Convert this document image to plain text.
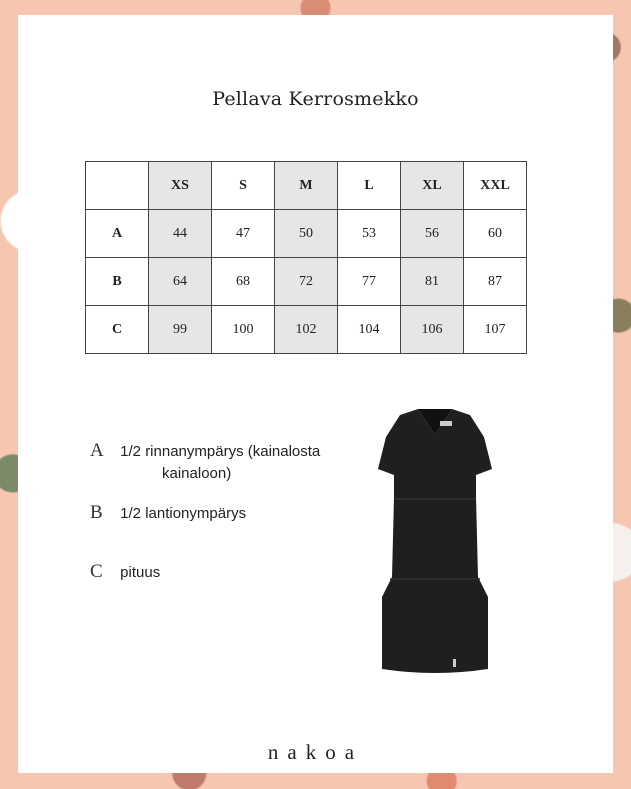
Pellava Kerrosmekko
	XS	S	M	L	XL	XXL
A	44	47	50	53	56	60
B	64	68	72	77	81	87
C	99	100	102	104	106	107
A 1/2 rinnanympärys (kainalosta
kainaloon)
B 1/2 lantionympärys
C pituus
nakoa
